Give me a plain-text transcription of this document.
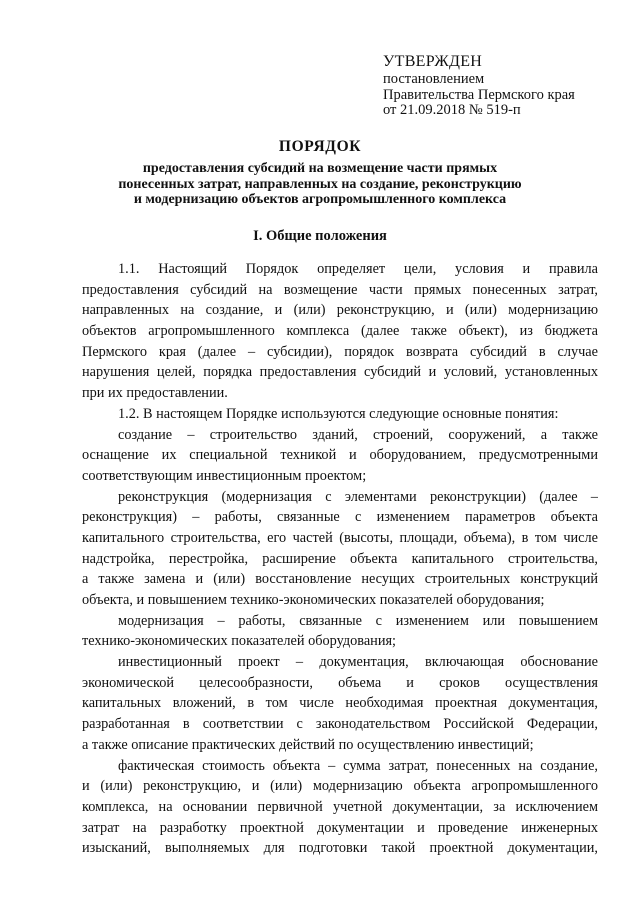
УТВЕРЖДЕН
постановлением
Правительства Пермского края
от 21.09.2018 № 519-п
ПОРЯДОК
предоставления субсидий на возмещение части прямых
понесенных затрат, направленных на создание, реконструкцию
и модернизацию объектов агропромышленного комплекса
I. Общие положения
1.1. Настоящий Порядок определяет цели, условия и правила
предоставления субсидий на возмещение части прямых понесенных затрат,
направленных на создание, и (или) реконструкцию, и (или) модернизацию
объектов агропромышленного комплекса (далее также объект), из бюджета
Пермского края (далее – субсидии), порядок возврата субсидий в случае
нарушения целей, порядка предоставления субсидий и условий, установленных
при их предоставлении.
1.2. В настоящем Порядке используются следующие основные понятия:
создание – строительство зданий, строений, сооружений, а также
оснащение их специальной техникой и оборудованием, предусмотренными
соответствующим инвестиционным проектом;
реконструкция (модернизация с элементами реконструкции) (далее –
реконструкция) – работы, связанные с изменением параметров объекта
капитального строительства, его частей (высоты, площади, объема), в том числе
надстройка, перестройка, расширение объекта капитального строительства,
а также замена и (или) восстановление несущих строительных конструкций
объекта, и повышением технико-экономических показателей оборудования;
модернизация – работы, связанные с изменением или повышением
технико-экономических показателей оборудования;
инвестиционный проект – документация, включающая обоснование
экономической целесообразности, объема и сроков осуществления
капитальных вложений, в том числе необходимая проектная документация,
разработанная в соответствии с законодательством Российской Федерации,
а также описание практических действий по осуществлению инвестиций;
фактическая стоимость объекта – сумма затрат, понесенных на создание,
и (или) реконструкцию, и (или) модернизацию объекта агропромышленного
комплекса, на основании первичной учетной документации, за исключением
затрат на разработку проектной документации и проведение инженерных
изысканий, выполняемых для подготовки такой проектной документации,
